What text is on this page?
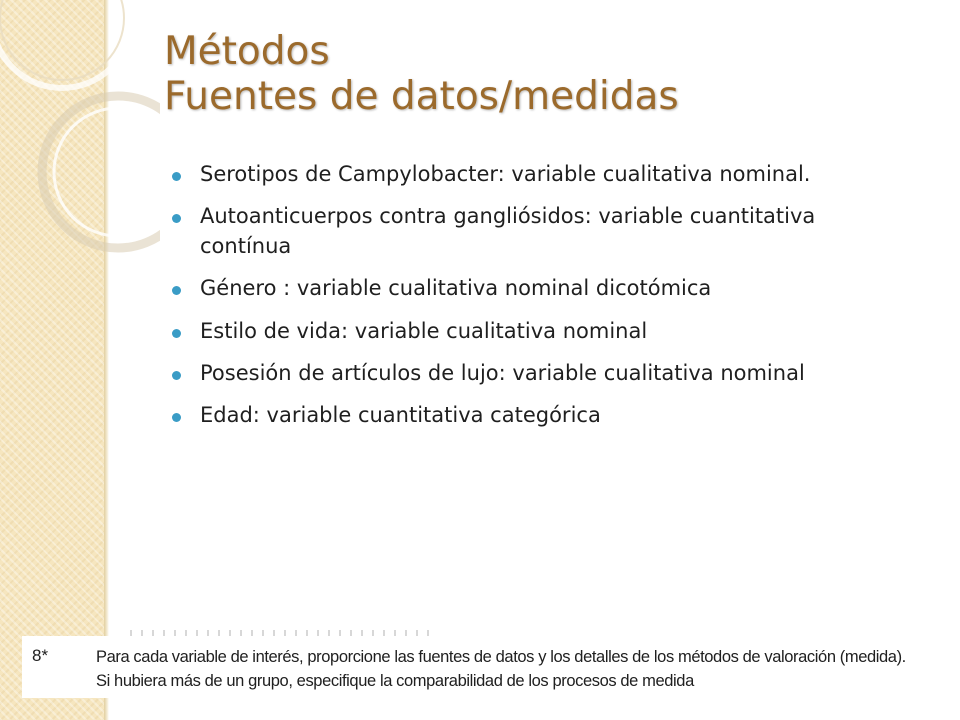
Métodos
Fuentes de datos/medidas
Serotipos de Campylobacter: variable cualitativa nominal.
Autoanticuerpos contra gangliósidos: variable cuantitativa contínua
Género : variable cualitativa nominal dicotómica
Estilo de vida: variable cualitativa nominal
Posesión de artículos de lujo: variable cualitativa nominal
Edad: variable cuantitativa categórica
8*	Para cada variable de interés, proporcione las fuentes de datos y los detalles de los métodos de valoración (medida).
Si hubiera más de un grupo, especifique la comparabilidad de los procesos de medida
